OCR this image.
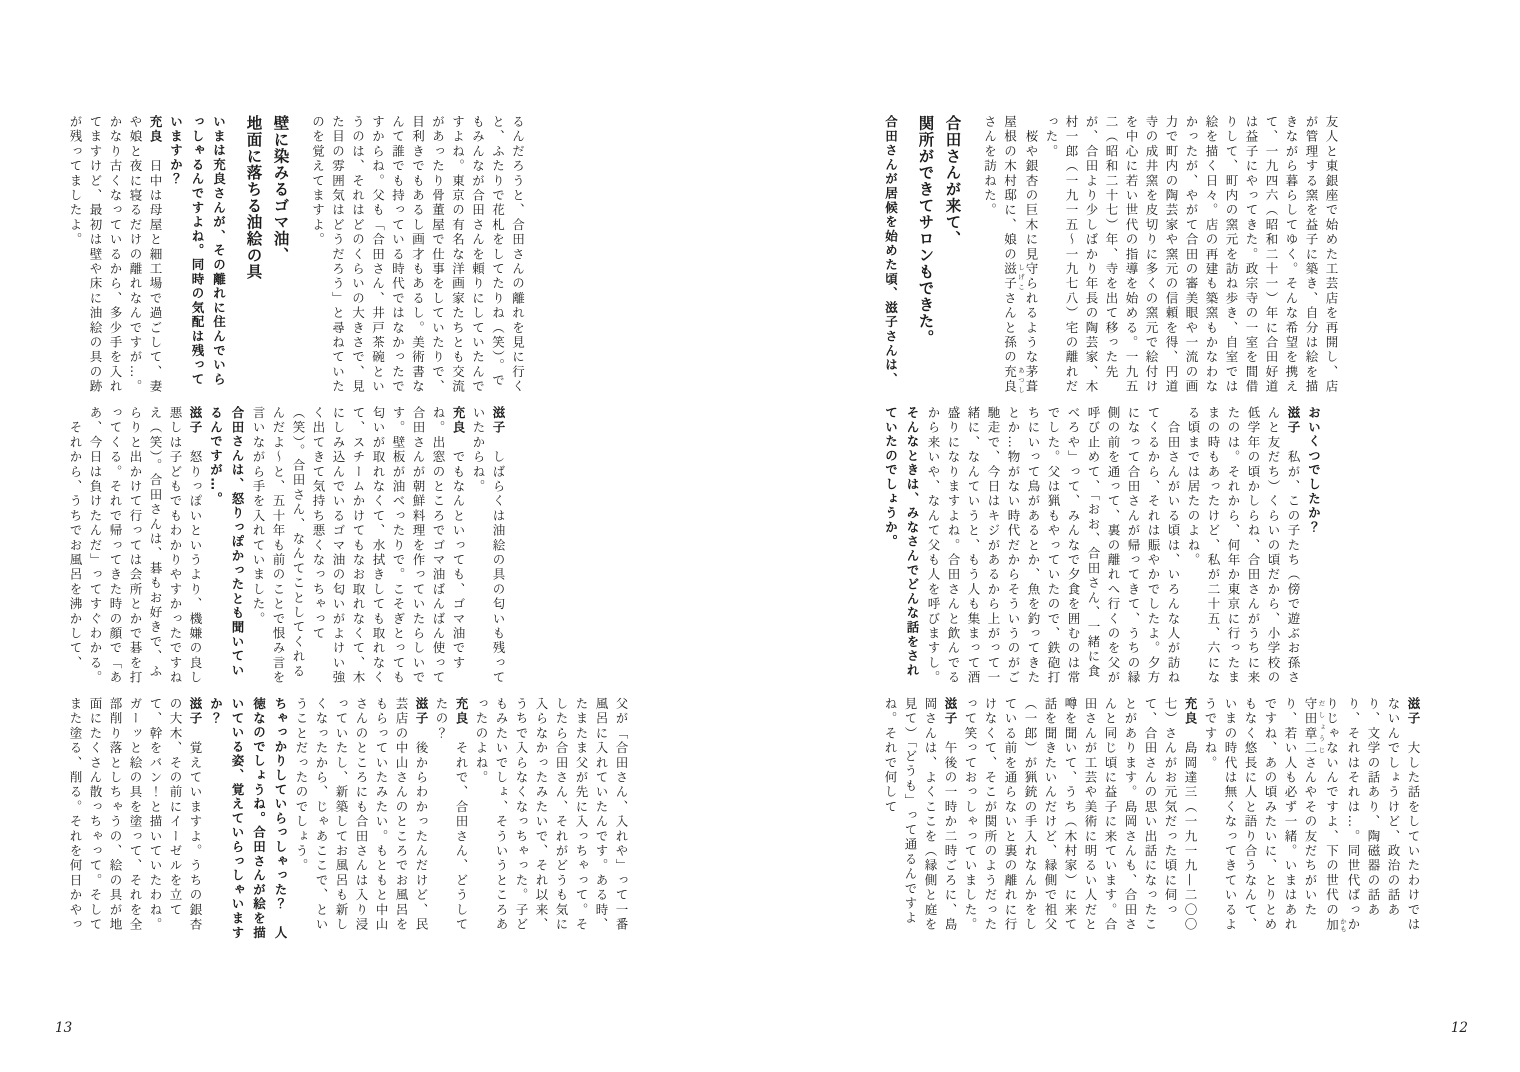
るんだろうと、合田さんの離れを見に行くと、ふたりで花札をしてたりね（笑）。でもみんなが合田さんを頼りにしていたんですよね。東京の有名な洋画家たちとも交流があったり骨董屋で仕事をしていたりで、目利きでもあるし画才もあるし。美術書なんて誰でも持っている時代ではなかったですからね。父も「合田さん、井戸茶碗というのは、それはどのくらいの大きさで、見た目の雰囲気はどうだろう」と尋ねていたのを覚えてますよ。

壁に染みるゴマ油、
地面に落ちる油絵の具

いまは充良さんが、その離れに住んでいらっしゃるんですよね。同時の気配は残っていますか？

充良　日中は母屋と細工場で過ごして、妻や娘と夜に寝るだけの離れなんですが…。かなり古くなっているから、多少手を入れてますけど、最初は壁や床に油絵の具の跡が残ってましたよ。

滋子　しばらくは油絵の具の匂いも残っていたからね。

充良　でもなんといっても、ゴマ油ですね。出窓のところでゴマ油ばんばん使って合田さんが朝鮮料理を作っていたらしいです。壁板が油べったりで。こそぎとっても匂いが取れなくて、水拭きしても取れなくて、スチームかけてもなお取れなくて、木にしみ込んでいるゴマ油の匂いがよけい強く出てきて気持ち悪くなっちゃって（笑）。合田さん、なんてことしてくれるんだよ〜と、五十年も前のことで恨み言を言いながら手を入れていました。

合田さんは、怒りっぽかったとも聞いているんですが…。

滋子　怒りっぽいというより、機嫌の良し悪しは子どもでもわかりやすかったですねえ（笑）。合田さんは、碁もお好きで、ふらりと出かけて行っては会所とかで碁を打ってくる。それで帰ってきた時の顔で「ああ、今日は負けたんだ」ってすぐわかる。

　それから、うちでお風呂を沸かして、

父が「合田さん、入れや」って一番風呂に入れていたんです。ある時、たまたま父が先に入っちゃって。そしたら合田さん、それがどうも気に入らなかったみたいで、それ以来、うちで入らなくなっちゃった。子どもみたいでしょ、そういうところあったのよね。

充良　それで、合田さん、どうしてたの？

滋子　後からわかったんだけど、民芸店の中山さんのところでお風呂をもらっていたみたい。もともと中山さんのところにも合田さんは入り浸っていたし、新築してお風呂も新しくなったから、じゃあここで、ということだったのでしょう。

ちゃっかりしていらっしゃった？　人徳なのでしょうね。合田さんが絵を描いている姿、覚えていらっしゃいますか？

滋子　覚えていますよ。うちの銀杏の大木、その前にイーゼルを立てて、幹をバン！と描いていたわね。ガーッと絵の具を塗って、それを全部削り落としちゃうの、絵の具が地面にたくさん散っちゃって。そしてまた塗る、削る。それを何日かやっ

13

友人と東銀座で始めた工芸店を再開し、店が管理する窯を益子に築き、自分は絵を描きながら暮らしてゆく。そんな希望を携えて、一九四六（昭和二十一）年に合田好道は益子にやってきた。政宗寺の一室を間借りして、町内の窯元を訪ね歩き、自室では絵を描く日々。店の再建も築窯もかなわなかったが、やがて合田の審美眼や一流の画力で町内の陶芸家や窯元の信頼を得、円道寺の成井窯を皮切りに多くの窯元で絵付けを中心に若い世代の指導を始める。一九五二（昭和二十七）年、寺を出て移った先が、合田より少しばかり年長の陶芸家、木村一郎（一九一五〜一九七八）宅の離れだった。

　桜や銀杏の巨木に見守られるような茅葺屋根の木村邸に、娘の滋子 しげこさんと孫の充良 あつしさんを訪ねた。

合田さんが来て、
関所ができてサロンもできた。

合田さんが居候を始めた頃、滋子さんは、

おいくつでしたか？

滋子　私が、この子たち（傍で遊ぶお孫さんと友だち）くらいの頃だから、小学校の低学年の頃かしらね、合田さんがうちに来たのは。それから、何年か東京に行ったままの時もあったけど、私が二十五、六になる頃までは居たのよね。

　合田さんがいる頃は、いろんな人が訪ねてくるから、それは賑やかでしたよ。夕方になって合田さんが帰ってきて、うちの縁側の前を通って、裏の離れへ行くのを父が呼び止めて、「おお、合田さん、一緒に食べろや」って、みんなで夕食を囲むのは常でした。父は猟もやっていたので、鉄砲打ちにいって鳥があるとか、魚を釣ってきたとか…物がない時代だからそういうのがご馳走で、今日はキジがあるから上がって一緒に、なんていうと、もう人も集まって酒盛りになりますよね。合田さんと飲んでるから来いや、なんて父も人を呼びますし。

そんなときは、みなさんでどんな話をされていたのでしょうか。

滋子　大した話をしていたわけではないんでしょうけど、政治の話あり、文学の話あり、陶磁器の話あり、それはそれは…。同世代ばっかりじゃないんですよ、下の世代の加守田章二かもだしょうじさんやその友だちがいたり、若い人も必ず一緒。いまはあれですね、あの頃みたいに、とりとめもなく悠長に人と語り合うなんて、いまの時代は無くなってきているようですね。

充良　島岡達三（一九一九—二〇〇七）さんがお元気だった頃に伺って、合田さんの思い出話になったことがあります。島岡さんも、合田さんと同じ頃に益子に来ています。合田さんが工芸や美術に明るい人だと噂を聞いて、うち（木村家）に来て話を聞きたいんだけど、縁側で祖父（一郎）が猟銃の手入れなんかをしている前を通らないと裏の離れに行けなくて、そこが関所のようだったって笑っておっしゃっていました。

滋子　午後の一時か二時ごろに、島岡さんは、よくここを（縁側と庭を見て）「どうも」って通るんですよね。それで何して

12
